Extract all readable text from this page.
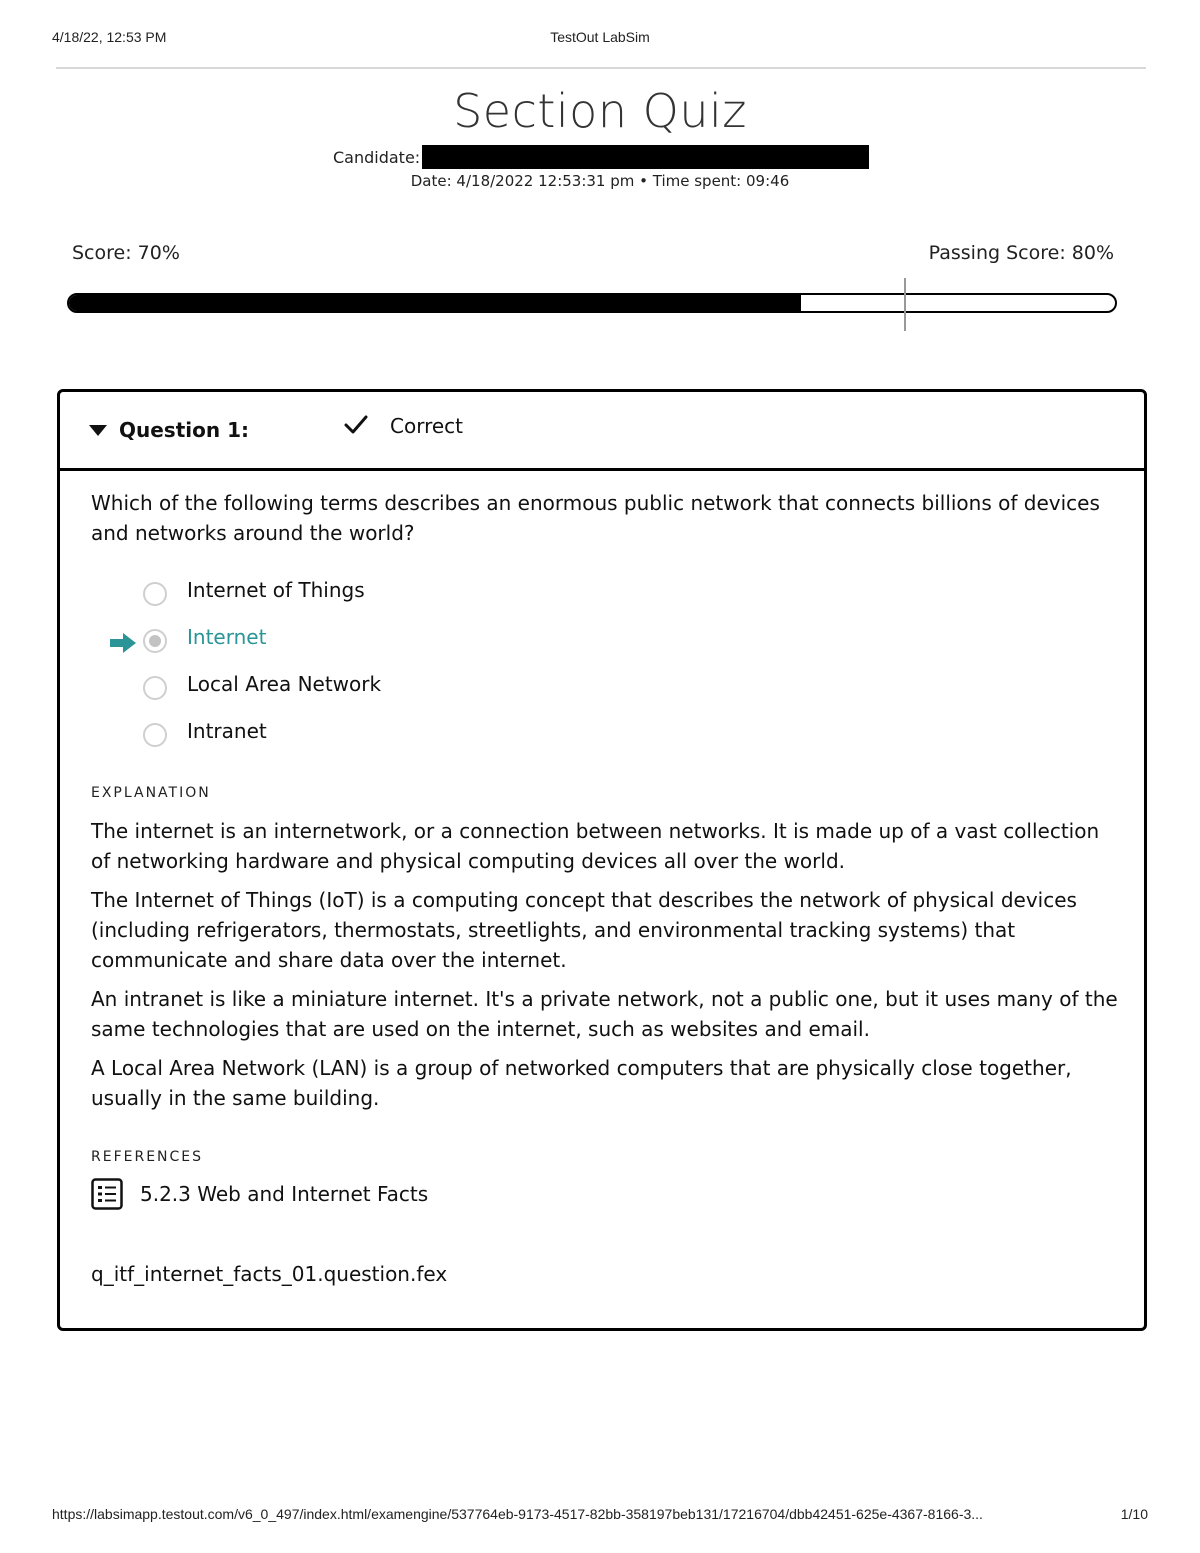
4/18/22, 12:53 PM	TestOut LabSim
Section Quiz
Candidate:
Date: 4/18/2022 12:53:31 pm • Time spent: 09:46
Score: 70%	Passing Score: 80%
Question 1:	Correct
Which of the following terms describes an enormous public network that connects billions of devices and networks around the world?
Internet of Things
Internet
Local Area Network
Intranet
EXPLANATION

The internet is an internetwork, or a connection between networks. It is made up of a vast collection of networking hardware and physical computing devices all over the world.

The Internet of Things (IoT) is a computing concept that describes the network of physical devices (including refrigerators, thermostats, streetlights, and environmental tracking systems) that communicate and share data over the internet.

An intranet is like a miniature internet. It's a private network, not a public one, but it uses many of the same technologies that are used on the internet, such as websites and email.

A Local Area Network (LAN) is a group of networked computers that are physically close together, usually in the same building.

REFERENCES
5.2.3 Web and Internet Facts
q_itf_internet_facts_01.question.fex
https://labsimapp.testout.com/v6_0_497/index.html/examengine/537764eb-9173-4517-82bb-358197beb131/17216704/dbb42451-625e-4367-8166-3...	1/10
